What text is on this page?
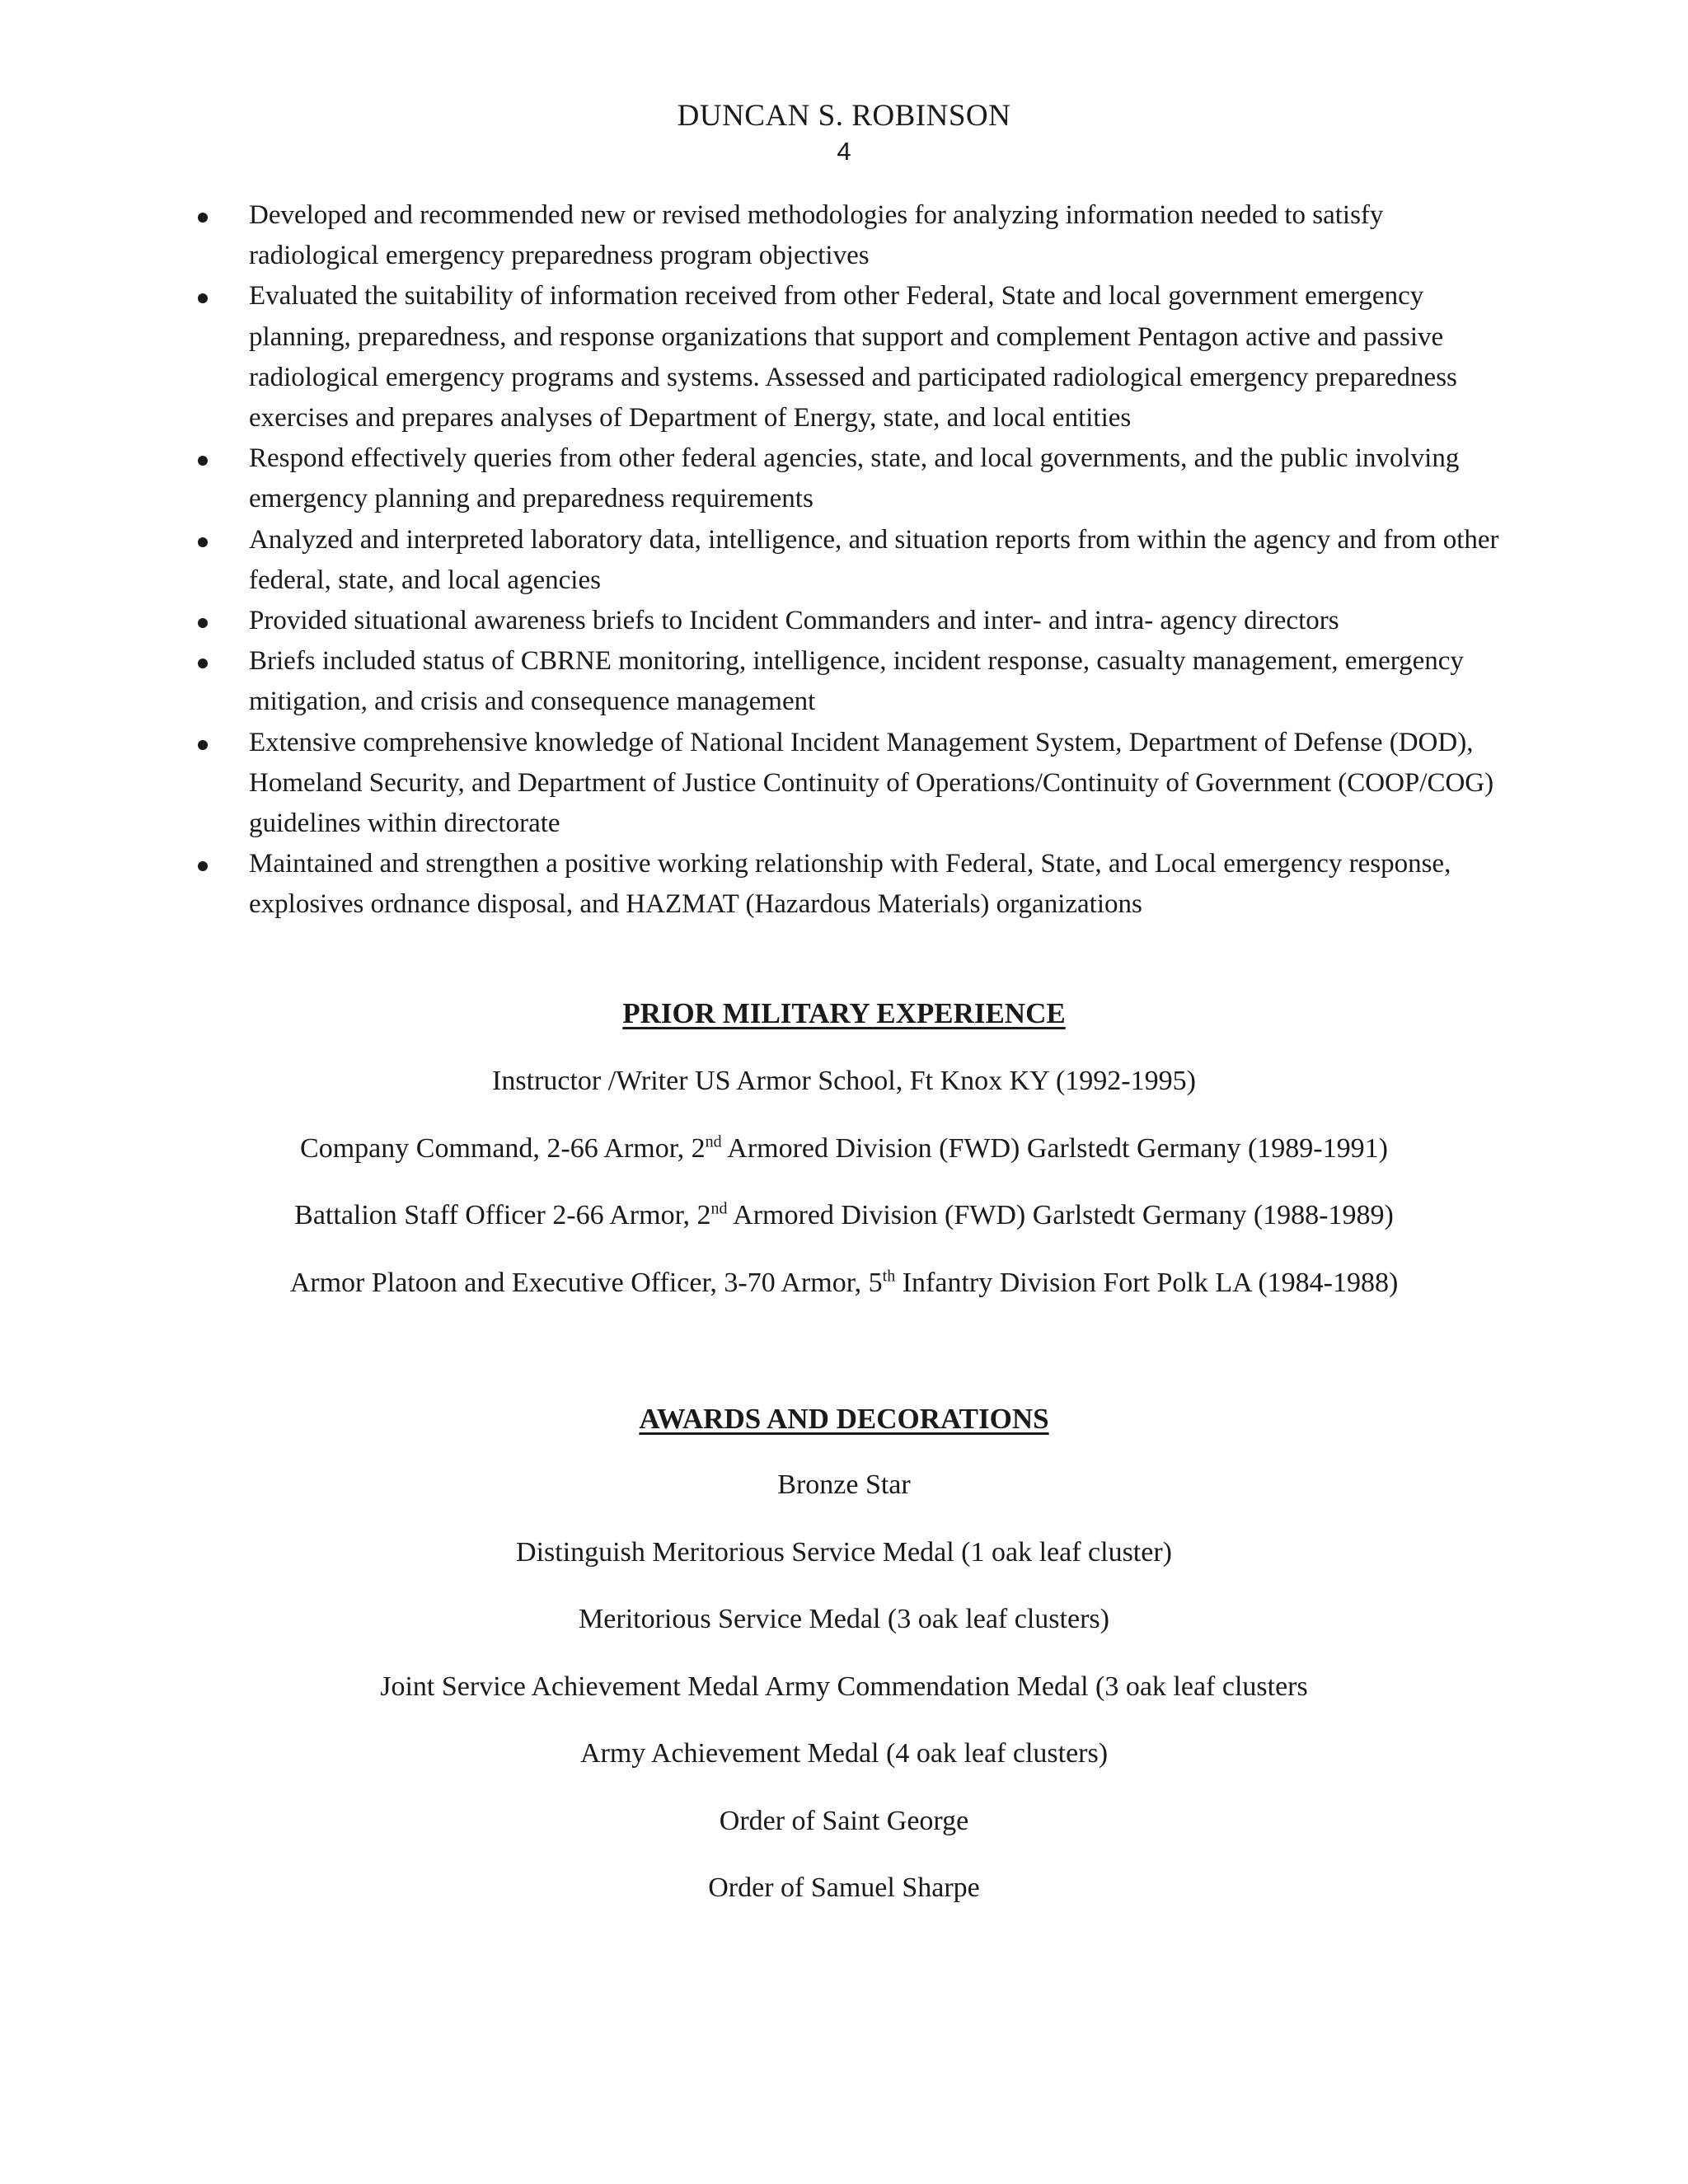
DUNCAN S. ROBINSON
4
Developed and recommended new or revised methodologies for analyzing information needed to satisfy radiological emergency preparedness program objectives
Evaluated the suitability of information received from other Federal, State and local government emergency planning, preparedness, and response organizations that support and complement Pentagon active and passive radiological emergency programs and systems. Assessed and participated radiological emergency preparedness exercises and prepares analyses of Department of Energy, state, and local entities
Respond effectively queries from other federal agencies, state, and local governments, and the public involving emergency planning and preparedness requirements
Analyzed and interpreted laboratory data, intelligence, and situation reports from within the agency and from other federal, state, and local agencies
Provided situational awareness briefs to Incident Commanders and inter- and intra- agency directors
Briefs included status of CBRNE monitoring, intelligence, incident response, casualty management, emergency mitigation, and crisis and consequence management
Extensive comprehensive knowledge of National Incident Management System, Department of Defense (DOD), Homeland Security, and Department of Justice Continuity of Operations/Continuity of Government (COOP/COG) guidelines within directorate
Maintained and strengthen a positive working relationship with Federal, State, and Local emergency response, explosives ordnance disposal, and HAZMAT (Hazardous Materials) organizations
PRIOR MILITARY EXPERIENCE
Instructor /Writer US Armor School, Ft Knox KY (1992-1995)
Company Command, 2-66 Armor, 2nd Armored Division (FWD) Garlstedt Germany (1989-1991)
Battalion Staff Officer 2-66 Armor, 2nd Armored Division (FWD) Garlstedt Germany (1988-1989)
Armor Platoon and Executive Officer, 3-70 Armor, 5th Infantry Division Fort Polk LA (1984-1988)
AWARDS AND DECORATIONS
Bronze Star
Distinguish Meritorious Service Medal (1 oak leaf cluster)
Meritorious Service Medal (3 oak leaf clusters)
Joint Service Achievement Medal Army Commendation Medal (3 oak leaf clusters
Army Achievement Medal (4 oak leaf clusters)
Order of Saint George
Order of Samuel Sharpe
